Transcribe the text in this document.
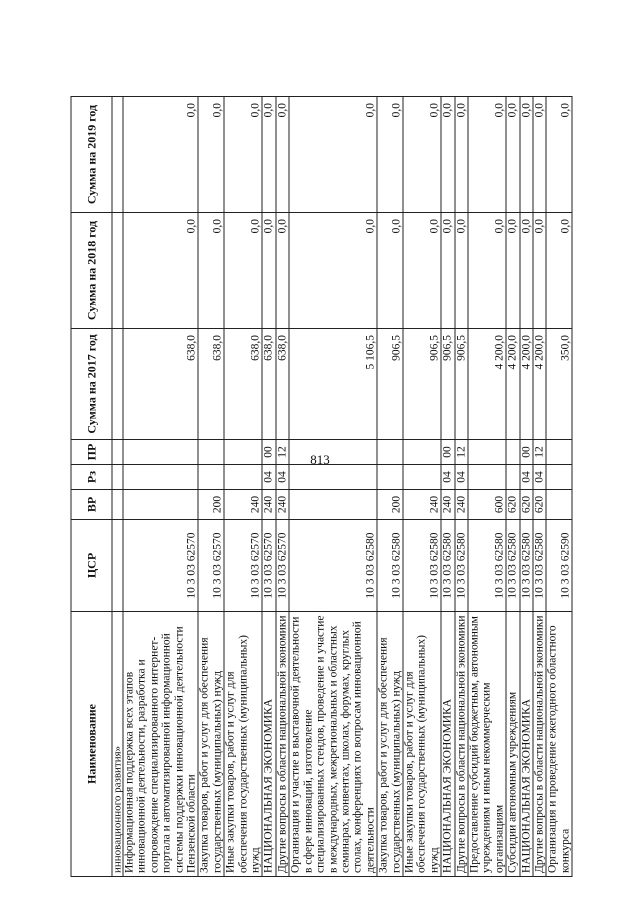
813
Наименование	ЦСР	ВР	Рз	ПР	Сумма на 2017 год	Сумма на 2018 год	Сумма на 2019 год
инновационного развития»							
Информационная поддержка всех этапов инновационной деятельности, разработка и сопровождение специализированного интернет-портала и автоматизированной информационной системы поддержки инновационной деятельности Пензенской области	10 3 03 62570				638,0	0,0	0,0
Закупка товаров, работ и услуг для обеспечения государственных (муниципальных) нужд	10 3 03 62570	200			638,0	0,0	0,0
Иные закупки товаров, работ и услуг для обеспечения государственных (муниципальных) нужд	10 3 03 62570	240			638,0	0,0	0,0
НАЦИОНАЛЬНАЯ ЭКОНОМИКА	10 3 03 62570	240	04	00	638,0	0,0	0,0
Другие вопросы в области национальной экономики	10 3 03 62570	240	04	12	638,0	0,0	0,0
Организация и участие в выставочной деятельности в сфере инноваций, изготовление специализированных стендов, проведение и участие в международных, межрегиональных и областных семинарах, конвентах, школах, форумах, круглых столах, конференциях по вопросам инновационной деятельности	10 3 03 62580				5 106,5	0,0	0,0
Закупка товаров, работ и услуг для обеспечения государственных (муниципальных) нужд	10 3 03 62580	200			906,5	0,0	0,0
Иные закупки товаров, работ и услуг для обеспечения государственных (муниципальных) нужд	10 3 03 62580	240			906,5	0,0	0,0
НАЦИОНАЛЬНАЯ ЭКОНОМИКА	10 3 03 62580	240	04	00	906,5	0,0	0,0
Другие вопросы в области национальной экономики	10 3 03 62580	240	04	12	906,5	0,0	0,0
Предоставление субсидий бюджетным, автономным учреждениям и иным некоммерческим организациям	10 3 03 62580	600			4 200,0	0,0	0,0
Субсидии автономным учреждениям	10 3 03 62580	620			4 200,0	0,0	0,0
НАЦИОНАЛЬНАЯ ЭКОНОМИКА	10 3 03 62580	620	04	00	4 200,0	0,0	0,0
Другие вопросы в области национальной экономики	10 3 03 62580	620	04	12	4 200,0	0,0	0,0
Организация и проведение ежегодного областного конкурса	10 3 03 62590				350,0	0,0	0,0
